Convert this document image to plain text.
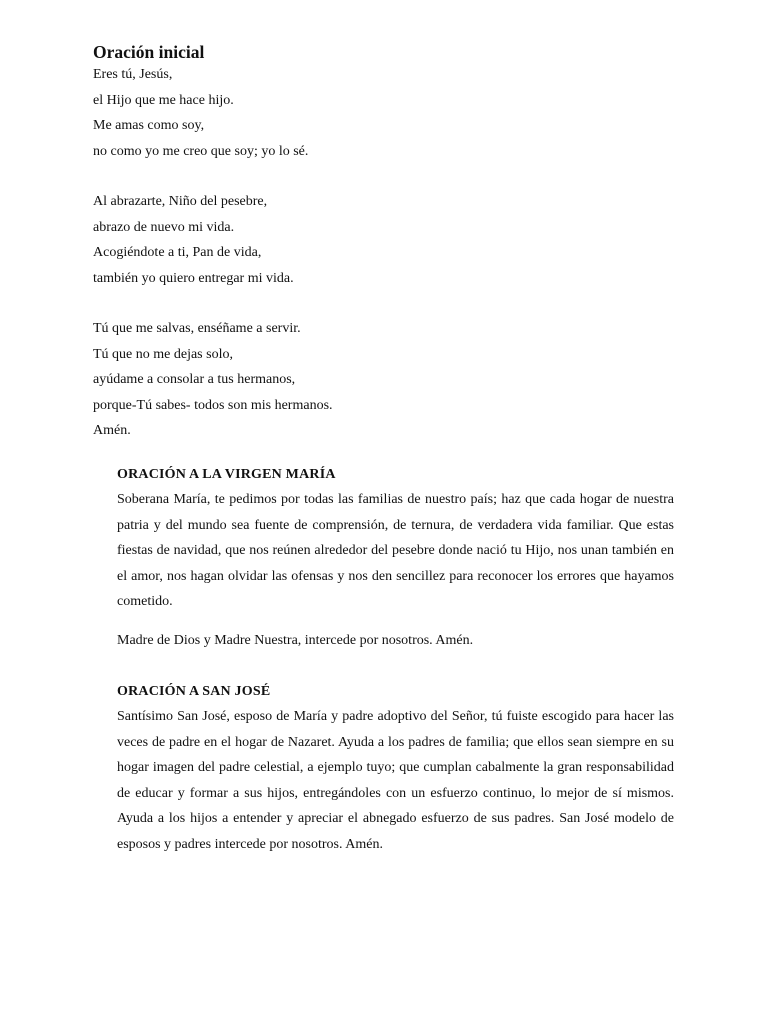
Oración inicial
Eres tú, Jesús,
el Hijo que me hace hijo.
Me amas como soy,
no como yo me creo que soy; yo lo sé.
Al abrazarte, Niño del pesebre,
abrazo de nuevo mi vida.
Acogiéndote a ti, Pan de vida,
también yo quiero entregar mi vida.
Tú que me salvas, enséñame a servir.
Tú que no me dejas solo,
ayúdame a consolar a tus hermanos,
porque-Tú sabes- todos son mis hermanos.
Amén.
ORACIÓN A LA VIRGEN MARÍA

Soberana María, te pedimos por todas las familias de nuestro país; haz que cada hogar de nuestra patria y del mundo sea fuente de comprensión, de ternura, de verdadera vida familiar. Que estas fiestas de navidad, que nos reúnen alrededor del pesebre donde nació tu Hijo, nos unan también en el amor, nos hagan olvidar las ofensas y nos den sencillez para reconocer los errores que hayamos cometido.

Madre de Dios y Madre Nuestra, intercede por nosotros. Amén.

ORACIÓN A SAN JOSÉ

Santísimo San José, esposo de María y padre adoptivo del Señor, tú fuiste escogido para hacer las veces de padre en el hogar de Nazaret. Ayuda a los padres de familia; que ellos sean siempre en su hogar imagen del padre celestial, a ejemplo tuyo; que cumplan cabalmente la gran responsabilidad de educar y formar a sus hijos, entregándoles con un esfuerzo continuo, lo mejor de sí mismos. Ayuda a los hijos a entender y apreciar el abnegado esfuerzo de sus padres. San José modelo de esposos y padres intercede por nosotros. Amén.
